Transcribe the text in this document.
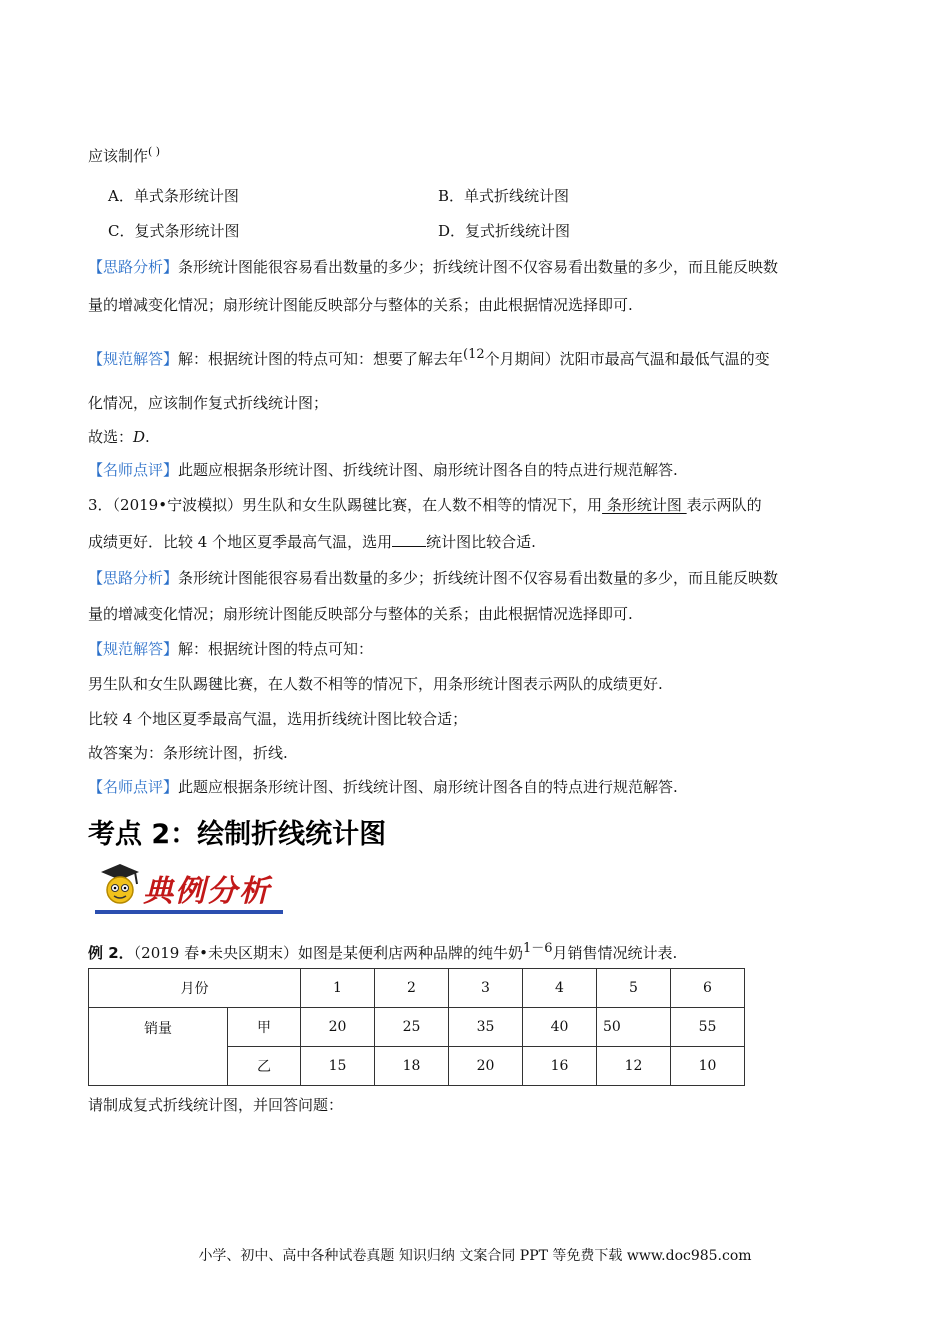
应该制作( )
A．单式条形统计图	B．单式折线统计图
C．复式条形统计图	D．复式折线统计图
【思路分析】条形统计图能很容易看出数量的多少；折线统计图不仅容易看出数量的多少，而且能反映数
量的增减变化情况；扇形统计图能反映部分与整体的关系；由此根据情况选择即可.
【规范解答】解：根据统计图的特点可知：想要了解去年(12个月期间）沈阳市最高气温和最低气温的变
化情况，应该制作复式折线统计图；
故选：D.
【名师点评】此题应根据条形统计图、折线统计图、扇形统计图各自的特点进行规范解答.
3．（2019•宁波模拟）男生队和女生队踢毽比赛，在人数不相等的情况下，用 条形统计图 表示两队的
成绩更好．比较 4 个地区夏季最高气温，选用 统计图比较合适.
【思路分析】条形统计图能很容易看出数量的多少；折线统计图不仅容易看出数量的多少，而且能反映数
量的增减变化情况；扇形统计图能反映部分与整体的关系；由此根据情况选择即可.
【规范解答】解：根据统计图的特点可知：
男生队和女生队踢毽比赛，在人数不相等的情况下，用条形统计图表示两队的成绩更好.
比较 4 个地区夏季最高气温，选用折线统计图比较合适；
故答案为：条形统计图，折线.
【名师点评】此题应根据条形统计图、折线统计图、扇形统计图各自的特点进行规范解答.
考点 2：绘制折线统计图
典例分析
例 2．（2019 春•未央区期末）如图是某便利店两种品牌的纯牛奶1－6月销售情况统计表.
月份		1	2	3	4	5	6
销量	甲	20	25	35	40	50	55
	乙	15	18	20	16	12	10
请制成复式折线统计图，并回答问题：
小学、初中、高中各种试卷真题 知识归纳 文案合同 PPT 等免费下载 www.doc985.com
